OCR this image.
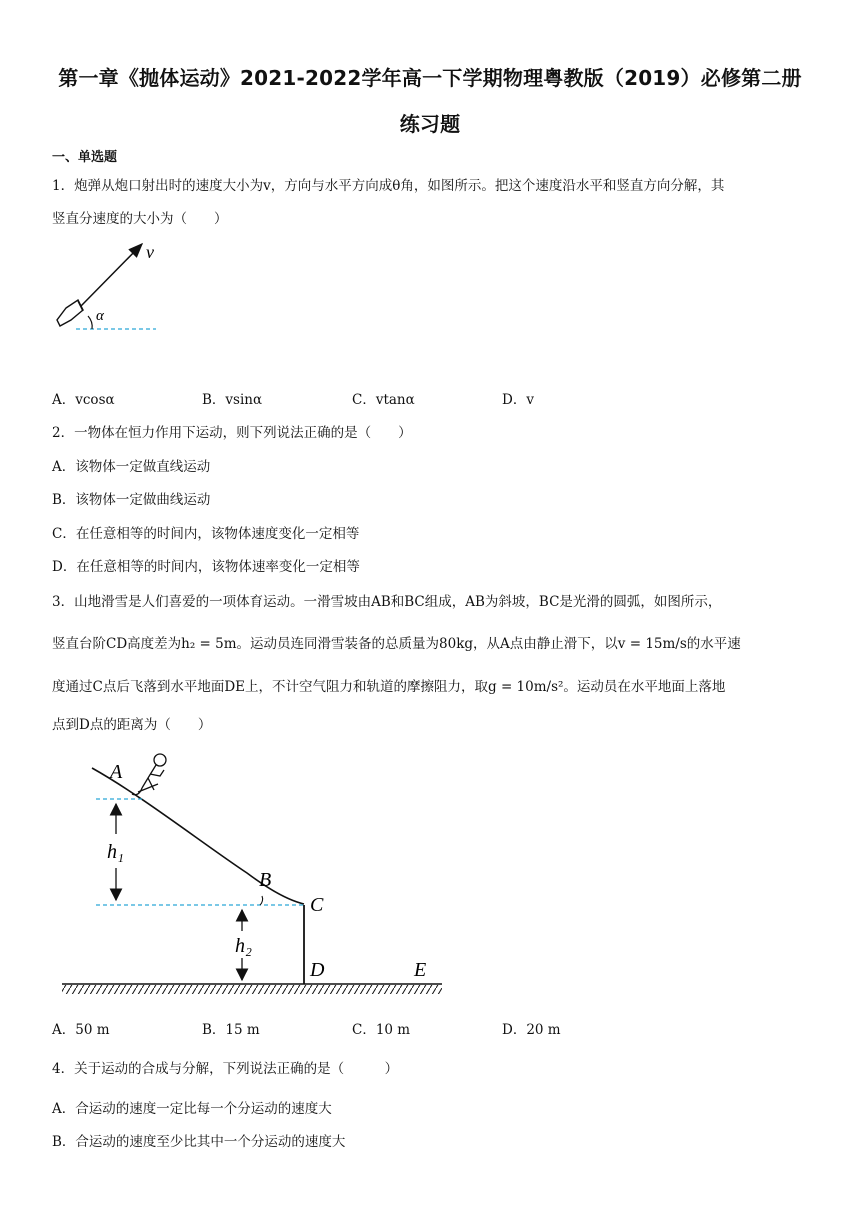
第一章《抛体运动》2021-2022学年高一下学期物理粤教版（2019）必修第二册
练习题
一、单选题
1．炮弹从炮口射出时的速度大小为v，方向与水平方向成θ角，如图所示。把这个速度沿水平和竖直方向分解，其
竖直分速度的大小为（　　）
v
α
A．vcosα	B．vsinα	C．vtanα	D．v
2．一物体在恒力作用下运动，则下列说法正确的是（　　）
A．该物体一定做直线运动
B．该物体一定做曲线运动
C．在任意相等的时间内，该物体速度变化一定相等
D．在任意相等的时间内，该物体速率变化一定相等
3．山地滑雪是人们喜爱的一项体育运动。一滑雪坡由AB和BC组成，AB为斜坡，BC是光滑的圆弧，如图所示，
竖直台阶CD高度差为h₂ = 5m。运动员连同滑雪装备的总质量为80kg，从A点由静止滑下，以v = 15m/s的水平速
度通过C点后飞落到水平地面DE上，不计空气阻力和轨道的摩擦阻力，取g = 10m/s²。运动员在水平地面上落地
点到D点的距离为（　　）
h₁
h₂
A
B
C
D	E
A．50 m	B．15 m	C．10 m	D．20 m
4．关于运动的合成与分解，下列说法正确的是（　　　）
A．合运动的速度一定比每一个分运动的速度大
B．合运动的速度至少比其中一个分运动的速度大
